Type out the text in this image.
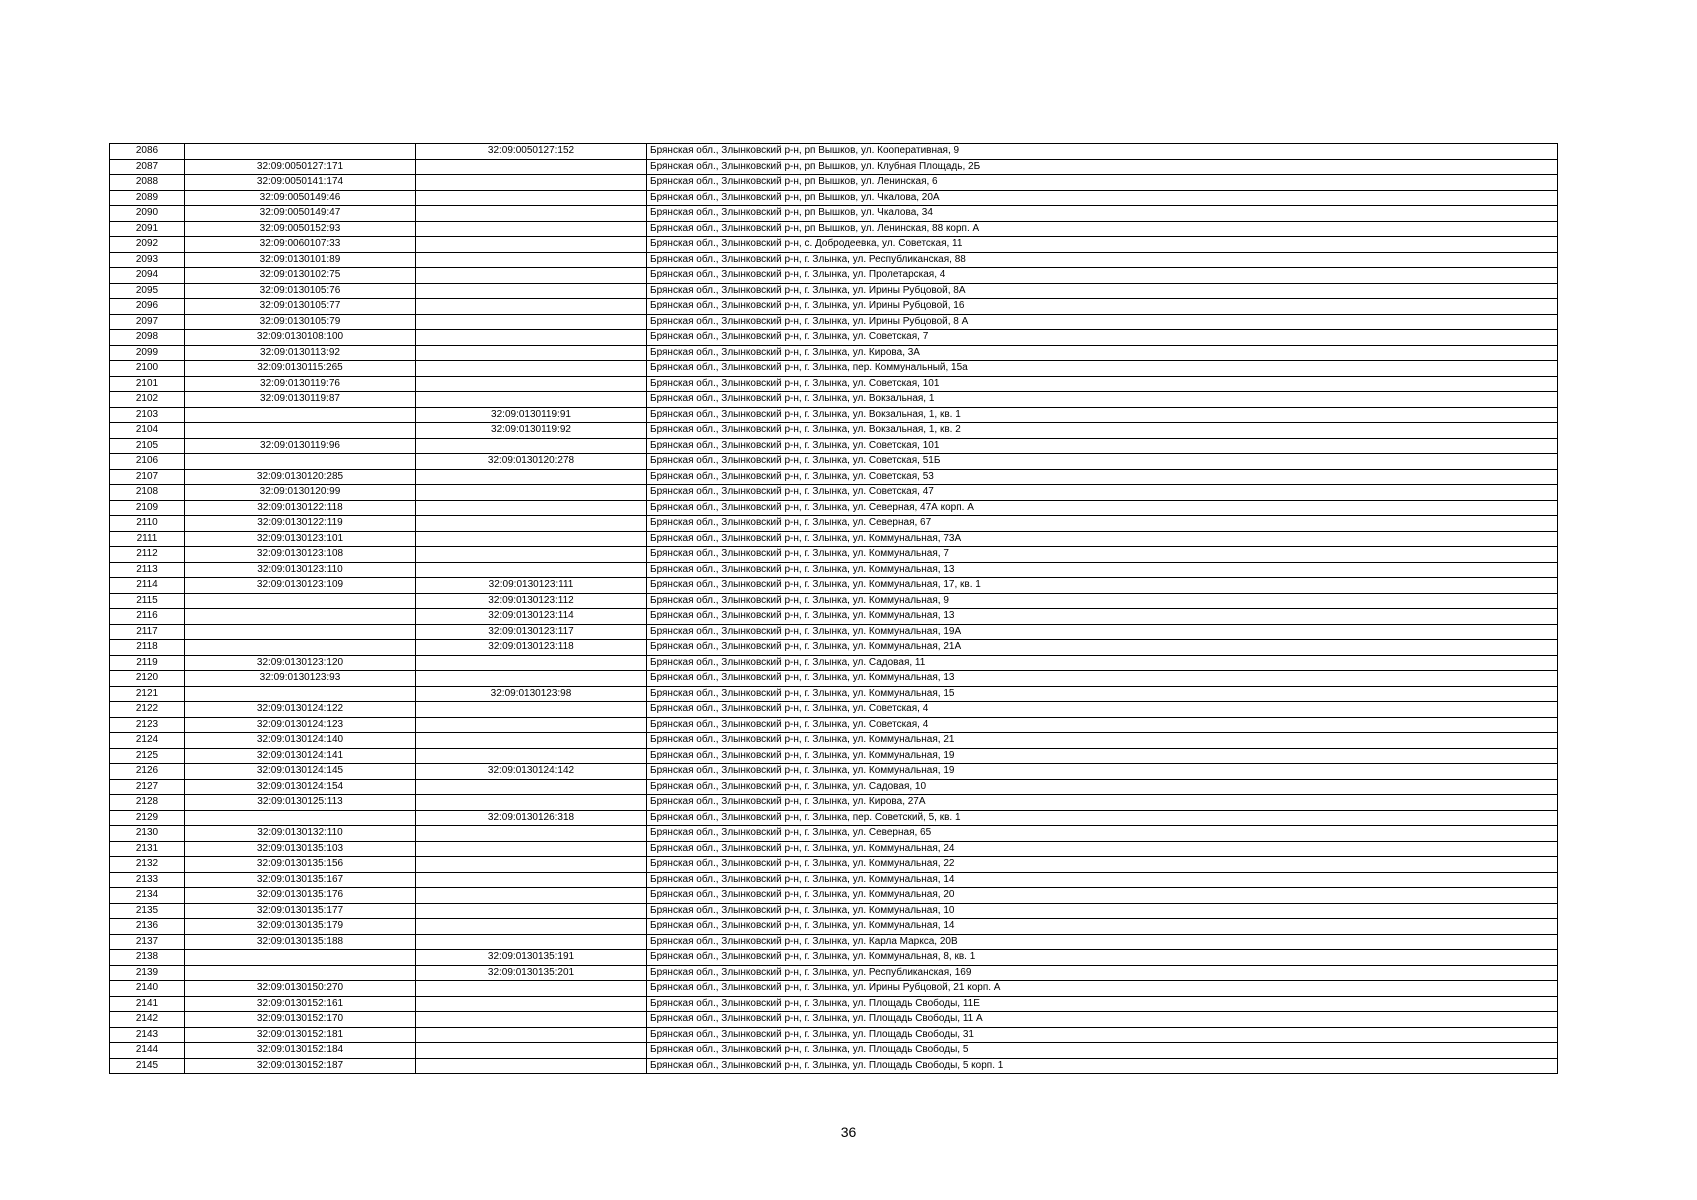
2086		32:09:0050127:152	Брянская обл., Злынковский р-н, рп Вышков, ул. Кооперативная, 9
2087	32:09:0050127:171		Брянская обл., Злынковский р-н, рп Вышков, ул. Клубная Площадь, 2Б
2088	32:09:0050141:174		Брянская обл., Злынковский р-н, рп Вышков, ул. Ленинская, 6
2089	32:09:0050149:46		Брянская обл., Злынковский р-н, рп Вышков, ул. Чкалова, 20А
2090	32:09:0050149:47		Брянская обл., Злынковский р-н, рп Вышков, ул. Чкалова, 34
2091	32:09:0050152:93		Брянская обл., Злынковский р-н, рп Вышков, ул. Ленинская, 88 корп. А
2092	32:09:0060107:33		Брянская обл., Злынковский р-н, с. Добродеевка, ул. Советская, 11
2093	32:09:0130101:89		Брянская обл., Злынковский р-н, г. Злынка, ул. Республиканская, 88
2094	32:09:0130102:75		Брянская обл., Злынковский р-н, г. Злынка, ул. Пролетарская, 4
2095	32:09:0130105:76		Брянская обл., Злынковский р-н, г. Злынка, ул. Ирины Рубцовой, 8А
2096	32:09:0130105:77		Брянская обл., Злынковский р-н, г. Злынка, ул. Ирины Рубцовой, 16
2097	32:09:0130105:79		Брянская обл., Злынковский р-н, г. Злынка, ул. Ирины Рубцовой, 8 А
2098	32:09:0130108:100		Брянская обл., Злынковский р-н, г. Злынка, ул. Советская, 7
2099	32:09:0130113:92		Брянская обл., Злынковский р-н, г. Злынка, ул. Кирова, 3А
2100	32:09:0130115:265		Брянская обл., Злынковский р-н, г. Злынка, пер. Коммунальный, 15а
2101	32:09:0130119:76		Брянская обл., Злынковский р-н, г. Злынка, ул. Советская, 101
2102	32:09:0130119:87		Брянская обл., Злынковский р-н, г. Злынка, ул. Вокзальная, 1
2103		32:09:0130119:91	Брянская обл., Злынковский р-н, г. Злынка, ул. Вокзальная, 1, кв. 1
2104		32:09:0130119:92	Брянская обл., Злынковский р-н, г. Злынка, ул. Вокзальная, 1, кв. 2
2105	32:09:0130119:96		Брянская обл., Злынковский р-н, г. Злынка, ул. Советская, 101
2106		32:09:0130120:278	Брянская обл., Злынковский р-н, г. Злынка, ул. Советская, 51Б
2107	32:09:0130120:285		Брянская обл., Злынковский р-н, г. Злынка, ул. Советская, 53
2108	32:09:0130120:99		Брянская обл., Злынковский р-н, г. Злынка, ул. Советская, 47
2109	32:09:0130122:118		Брянская обл., Злынковский р-н, г. Злынка, ул. Северная, 47А корп. А
2110	32:09:0130122:119		Брянская обл., Злынковский р-н, г. Злынка, ул. Северная, 67
2111	32:09:0130123:101		Брянская обл., Злынковский р-н, г. Злынка, ул. Коммунальная, 73А
2112	32:09:0130123:108		Брянская обл., Злынковский р-н, г. Злынка, ул. Коммунальная, 7
2113	32:09:0130123:110		Брянская обл., Злынковский р-н, г. Злынка, ул. Коммунальная, 13
2114	32:09:0130123:109	32:09:0130123:111	Брянская обл., Злынковский р-н, г. Злынка, ул. Коммунальная, 17, кв. 1
2115		32:09:0130123:112	Брянская обл., Злынковский р-н, г. Злынка, ул. Коммунальная, 9
2116		32:09:0130123:114	Брянская обл., Злынковский р-н, г. Злынка, ул. Коммунальная, 13
2117		32:09:0130123:117	Брянская обл., Злынковский р-н, г. Злынка, ул. Коммунальная, 19А
2118		32:09:0130123:118	Брянская обл., Злынковский р-н, г. Злынка, ул. Коммунальная, 21А
2119	32:09:0130123:120		Брянская обл., Злынковский р-н, г. Злынка, ул. Садовая, 11
2120	32:09:0130123:93		Брянская обл., Злынковский р-н, г. Злынка, ул. Коммунальная, 13
2121		32:09:0130123:98	Брянская обл., Злынковский р-н, г. Злынка, ул. Коммунальная, 15
2122	32:09:0130124:122		Брянская обл., Злынковский р-н, г. Злынка, ул. Советская, 4
2123	32:09:0130124:123		Брянская обл., Злынковский р-н, г. Злынка, ул. Советская, 4
2124	32:09:0130124:140		Брянская обл., Злынковский р-н, г. Злынка, ул. Коммунальная, 21
2125	32:09:0130124:141		Брянская обл., Злынковский р-н, г. Злынка, ул. Коммунальная, 19
2126	32:09:0130124:145	32:09:0130124:142	Брянская обл., Злынковский р-н, г. Злынка, ул. Коммунальная, 19
2127	32:09:0130124:154		Брянская обл., Злынковский р-н, г. Злынка, ул. Садовая, 10
2128	32:09:0130125:113		Брянская обл., Злынковский р-н, г. Злынка, ул. Кирова, 27А
2129		32:09:0130126:318	Брянская обл., Злынковский р-н, г. Злынка, пер. Советский, 5, кв. 1
2130	32:09:0130132:110		Брянская обл., Злынковский р-н, г. Злынка, ул. Северная, 65
2131	32:09:0130135:103		Брянская обл., Злынковский р-н, г. Злынка, ул. Коммунальная, 24
2132	32:09:0130135:156		Брянская обл., Злынковский р-н, г. Злынка, ул. Коммунальная, 22
2133	32:09:0130135:167		Брянская обл., Злынковский р-н, г. Злынка, ул. Коммунальная, 14
2134	32:09:0130135:176		Брянская обл., Злынковский р-н, г. Злынка, ул. Коммунальная, 20
2135	32:09:0130135:177		Брянская обл., Злынковский р-н, г. Злынка, ул. Коммунальная, 10
2136	32:09:0130135:179		Брянская обл., Злынковский р-н, г. Злынка, ул. Коммунальная, 14
2137	32:09:0130135:188		Брянская обл., Злынковский р-н, г. Злынка, ул. Карла Маркса, 20В
2138		32:09:0130135:191	Брянская обл., Злынковский р-н, г. Злынка, ул. Коммунальная, 8, кв. 1
2139		32:09:0130135:201	Брянская обл., Злынковский р-н, г. Злынка, ул. Республиканская, 169
2140	32:09:0130150:270		Брянская обл., Злынковский р-н, г. Злынка, ул. Ирины Рубцовой, 21 корп. А
2141	32:09:0130152:161		Брянская обл., Злынковский р-н, г. Злынка, ул. Площадь Свободы, 11Е
2142	32:09:0130152:170		Брянская обл., Злынковский р-н, г. Злынка, ул. Площадь Свободы, 11 А
2143	32:09:0130152:181		Брянская обл., Злынковский р-н, г. Злынка, ул. Площадь Свободы, 31
2144	32:09:0130152:184		Брянская обл., Злынковский р-н, г. Злынка, ул. Площадь Свободы, 5
2145	32:09:0130152:187		Брянская обл., Злынковский р-н, г. Злынка, ул. Площадь Свободы, 5 корп. 1
36
